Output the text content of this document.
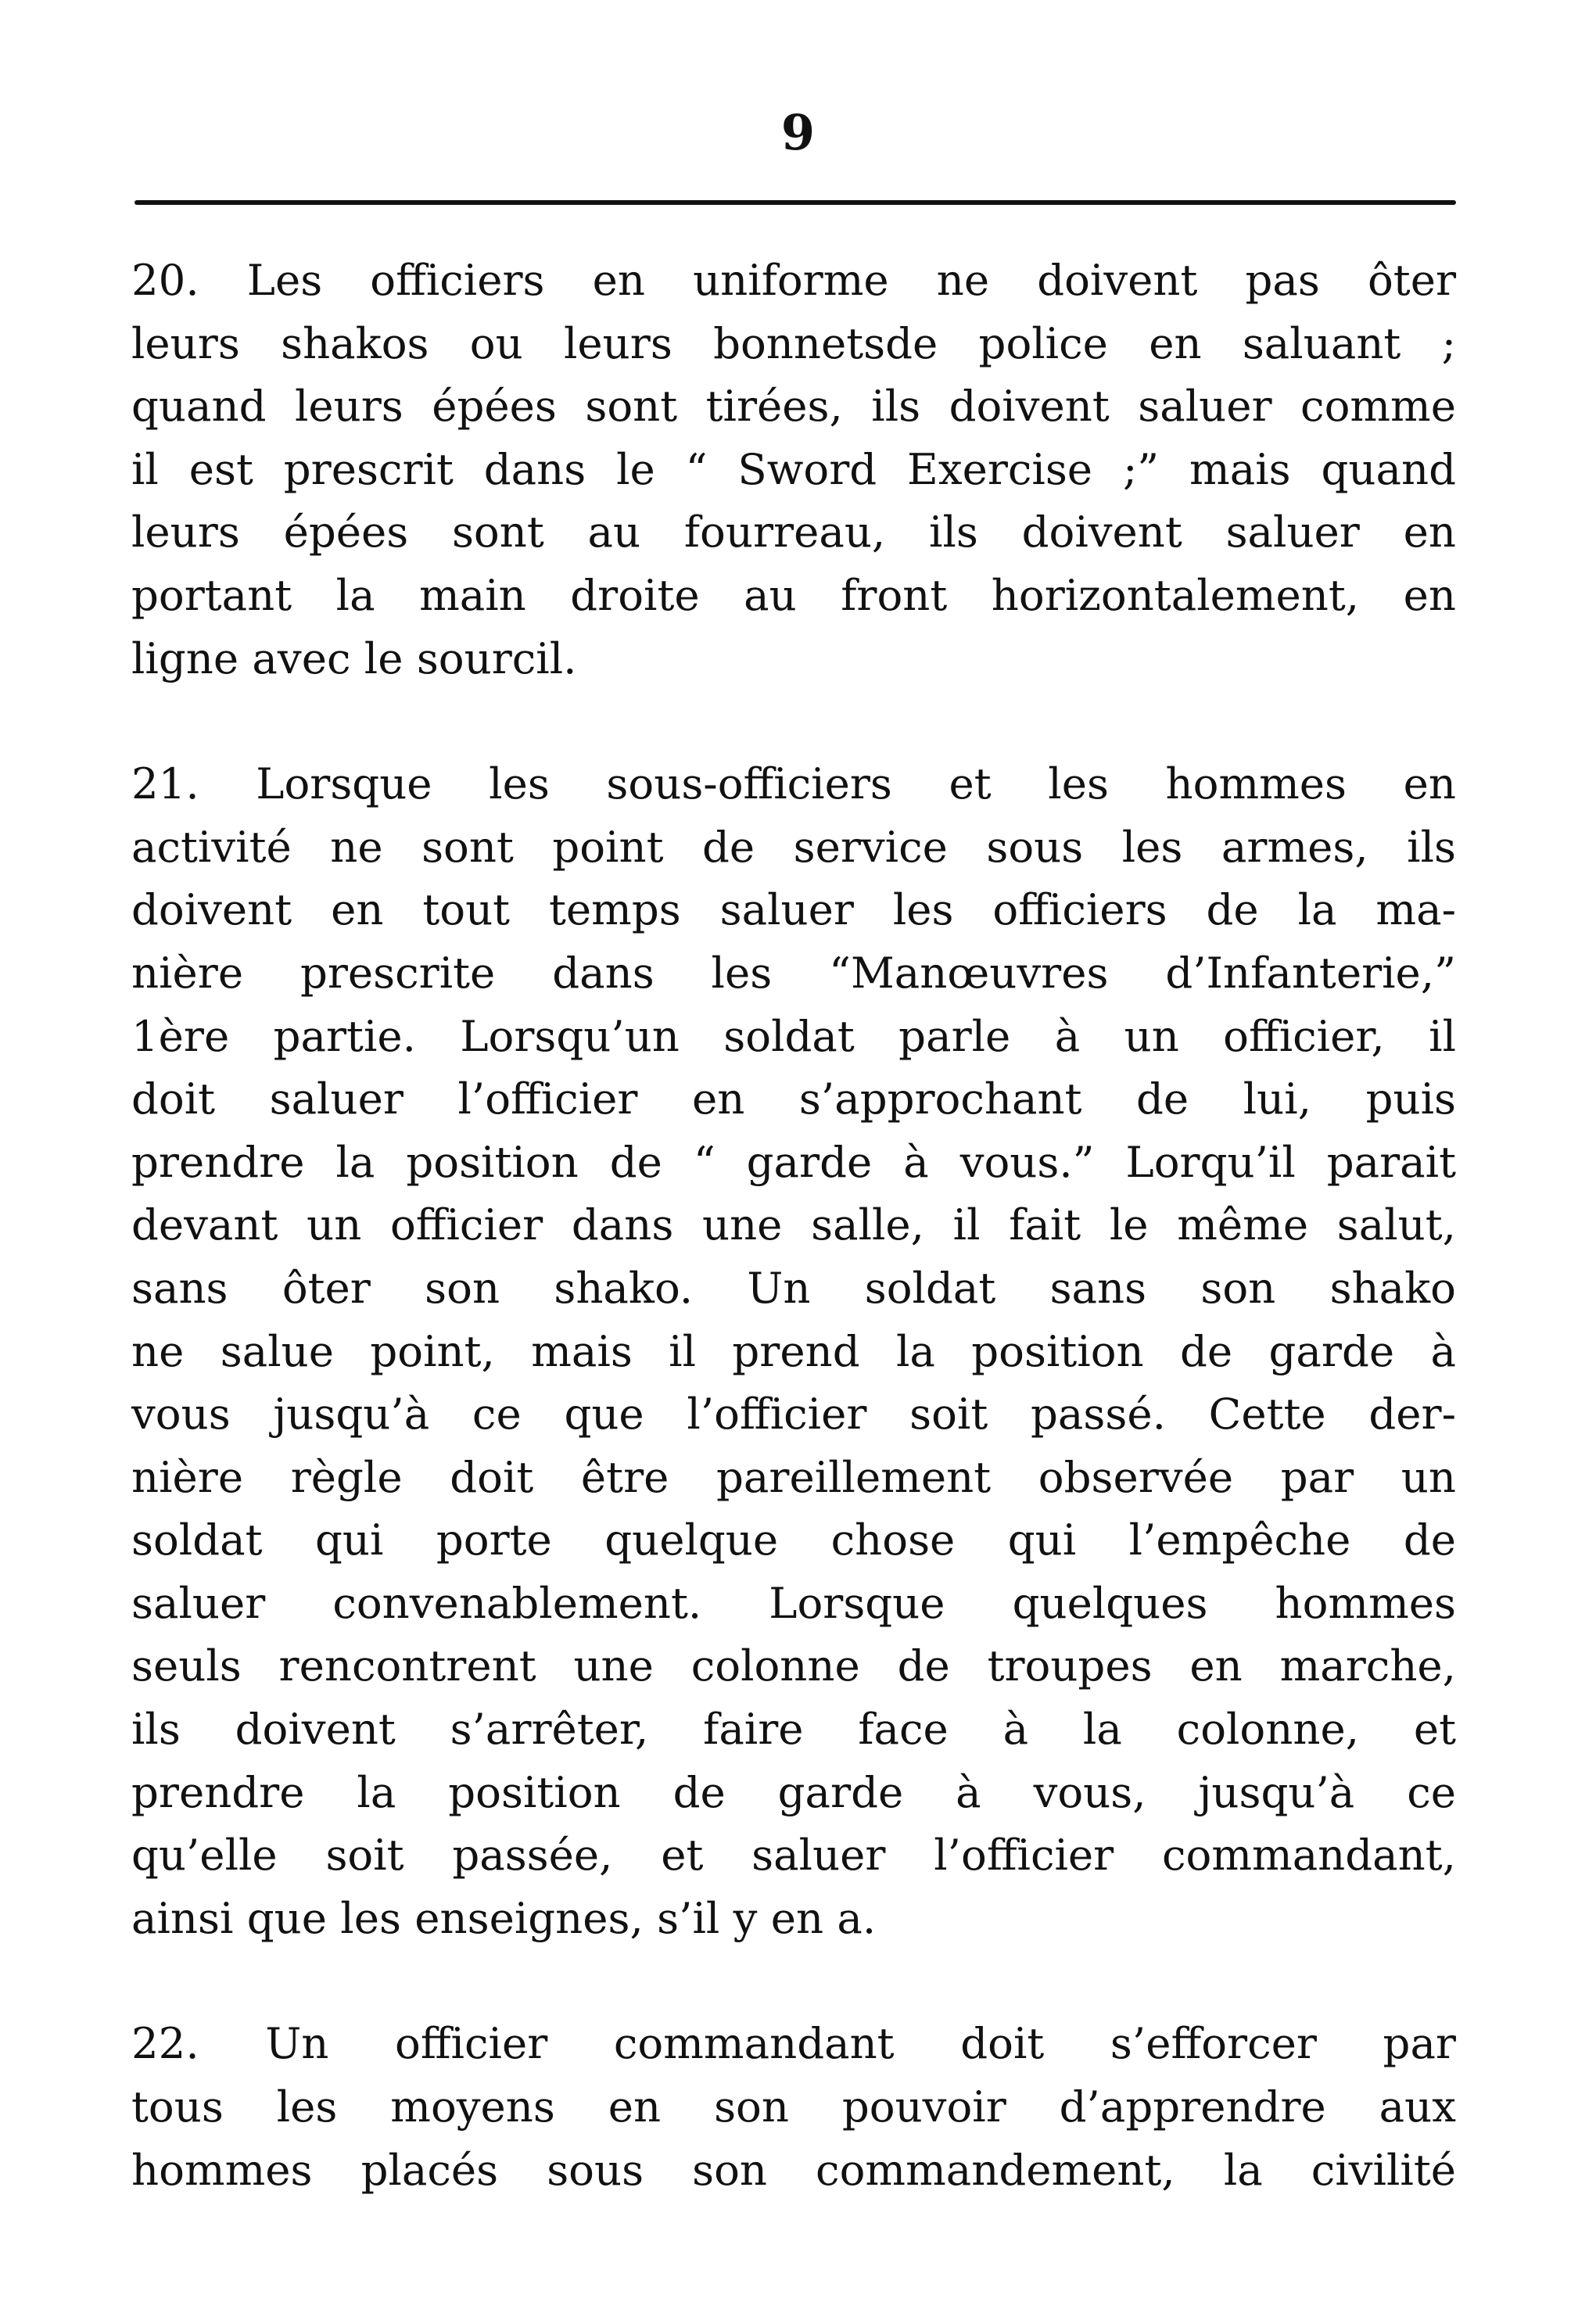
9
20. Les officiers en uniforme ne doivent pas ôter
leurs shakos ou leurs bonnetsde police en saluant ;
quand leurs épées sont tirées, ils doivent saluer comme
il est prescrit dans le “ Sword Exercise ;” mais quand
leurs épées sont au fourreau, ils doivent saluer en
portant la main droite au front horizontalement, en
ligne avec le sourcil.
21. Lorsque les sous-officiers et les hommes en
activité ne sont point de service sous les armes, ils
doivent en tout temps saluer les officiers de la ma-
nière prescrite dans les “Manœuvres d’Infanterie,”
1ère partie. Lorsqu’un soldat parle à un officier, il
doit saluer l’officier en s’approchant de lui, puis
prendre la position de “ garde à vous.” Lorqu’il parait
devant un officier dans une salle, il fait le même salut,
sans ôter son shako. Un soldat sans son shako
ne salue point, mais il prend la position de garde à
vous jusqu’à ce que l’officier soit passé. Cette der-
nière règle doit être pareillement observée par un
soldat qui porte quelque chose qui l’empêche de
saluer convenablement. Lorsque quelques hommes
seuls rencontrent une colonne de troupes en marche,
ils doivent s’arrêter, faire face à la colonne, et
prendre la position de garde à vous, jusqu’à ce
qu’elle soit passée, et saluer l’officier commandant,
ainsi que les enseignes, s’il y en a.
22. Un officier commandant doit s’efforcer par
tous les moyens en son pouvoir d’apprendre aux
hommes placés sous son commandement, la civilité
